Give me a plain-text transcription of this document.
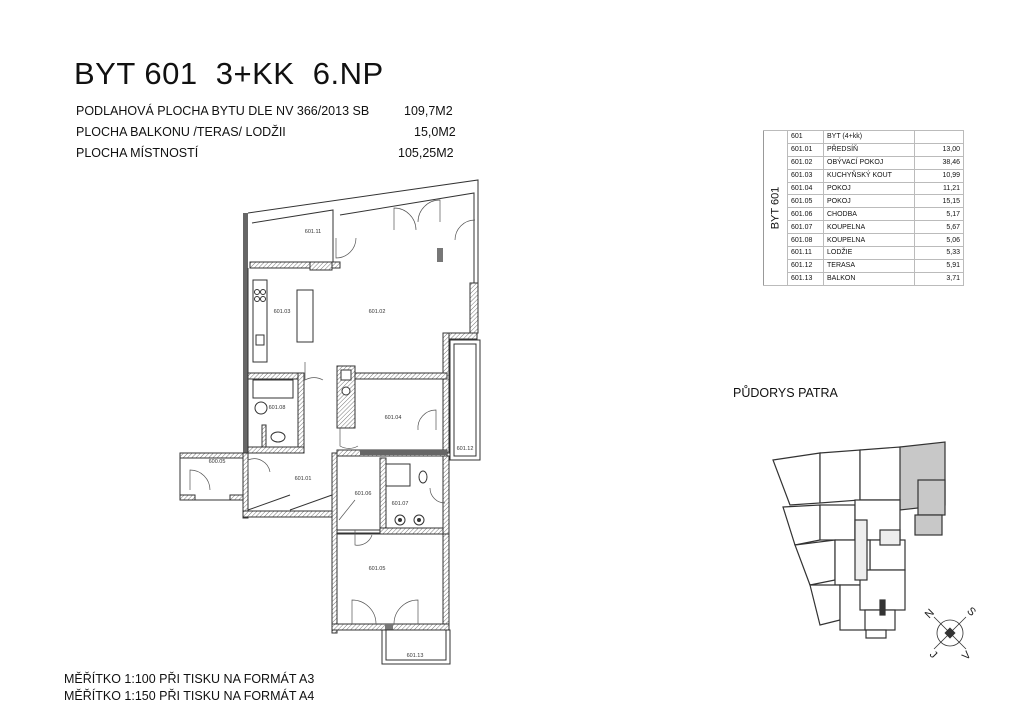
BYT 601  3+KK  6.NP
PODLAHOVÁ PLOCHA BYTU DLE NV 366/2013 SB	109,7M2
PLOCHA BALKONU /TERAS/ LODŽII	15,0M2
PLOCHA MÍSTNOSTÍ	105,25M2
BYT 601	601	BYT (4+kk)	
	601.01	PŘEDSÍŇ	13,00
	601.02	OBÝVACÍ POKOJ	38,46
	601.03	KUCHYŇSKÝ KOUT	10,99
	601.04	POKOJ	11,21
	601.05	POKOJ	15,15
	601.06	CHODBA	5,17
	601.07	KOUPELNA	5,67
	601.08	KOUPELNA	5,06
	601.11	LODŽIE	5,33
	601.12	TERASA	5,91
	601.13	BALKON	3,71
PŮDORYS PATRA
MĚŘÍTKO 1:100 PŘI TISKU NA FORMÁT A3
MĚŘÍTKO 1:150 PŘI TISKU NA FORMÁT A4
601.11
601.03	601.02
601.08
601.04
601.12
600.05
601.01
601.06
601.07
601.05
601.13
N S
J V
